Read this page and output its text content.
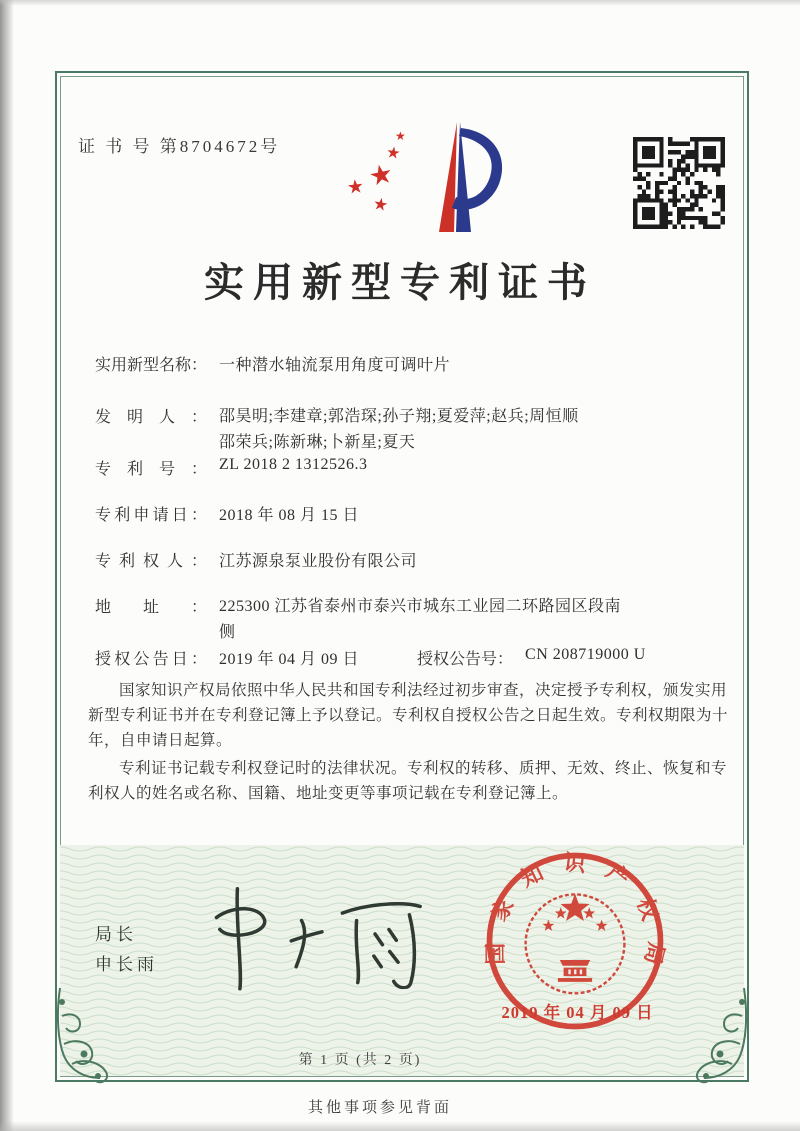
证 书 号 第8704672号
★
★
★
★
★
实用新型专利证书
实用新型名称： 一种潜水轴流泵用角度可调叶片
发明人： 邵昊明;李建章;郭浩琛;孙子翔;夏爱萍;赵兵;周恒顺
邵荣兵;陈新琳;卜新星;夏天
专利号： ZL 2018 2 1312526.3
专利申请日： 2018 年 08 月 15 日
专利权人： 江苏源泉泵业股份有限公司
地址： 225300 江苏省泰州市泰兴市城东工业园二环路园区段南
侧
授权公告日： 2019 年 04 月 09 日	授权公告号： CN 208719000 U

国家知识产权局依照中华人民共和国专利法经过初步审查，决定授予专利权，颁发实用新型专利证书并在专利登记簿上予以登记。专利权自授权公告之日起生效。专利权期限为十年，自申请日起算。

专利证书记载专利权登记时的法律状况。专利权的转移、质押、无效、终止、恢复和专利权人的姓名或名称、国籍、地址变更等事项记载在专利登记簿上。

局长
申长雨	国家知识产权局
2019 年 04 月 09 日
第 1 页 (共 2 页)
其他事项参见背面
